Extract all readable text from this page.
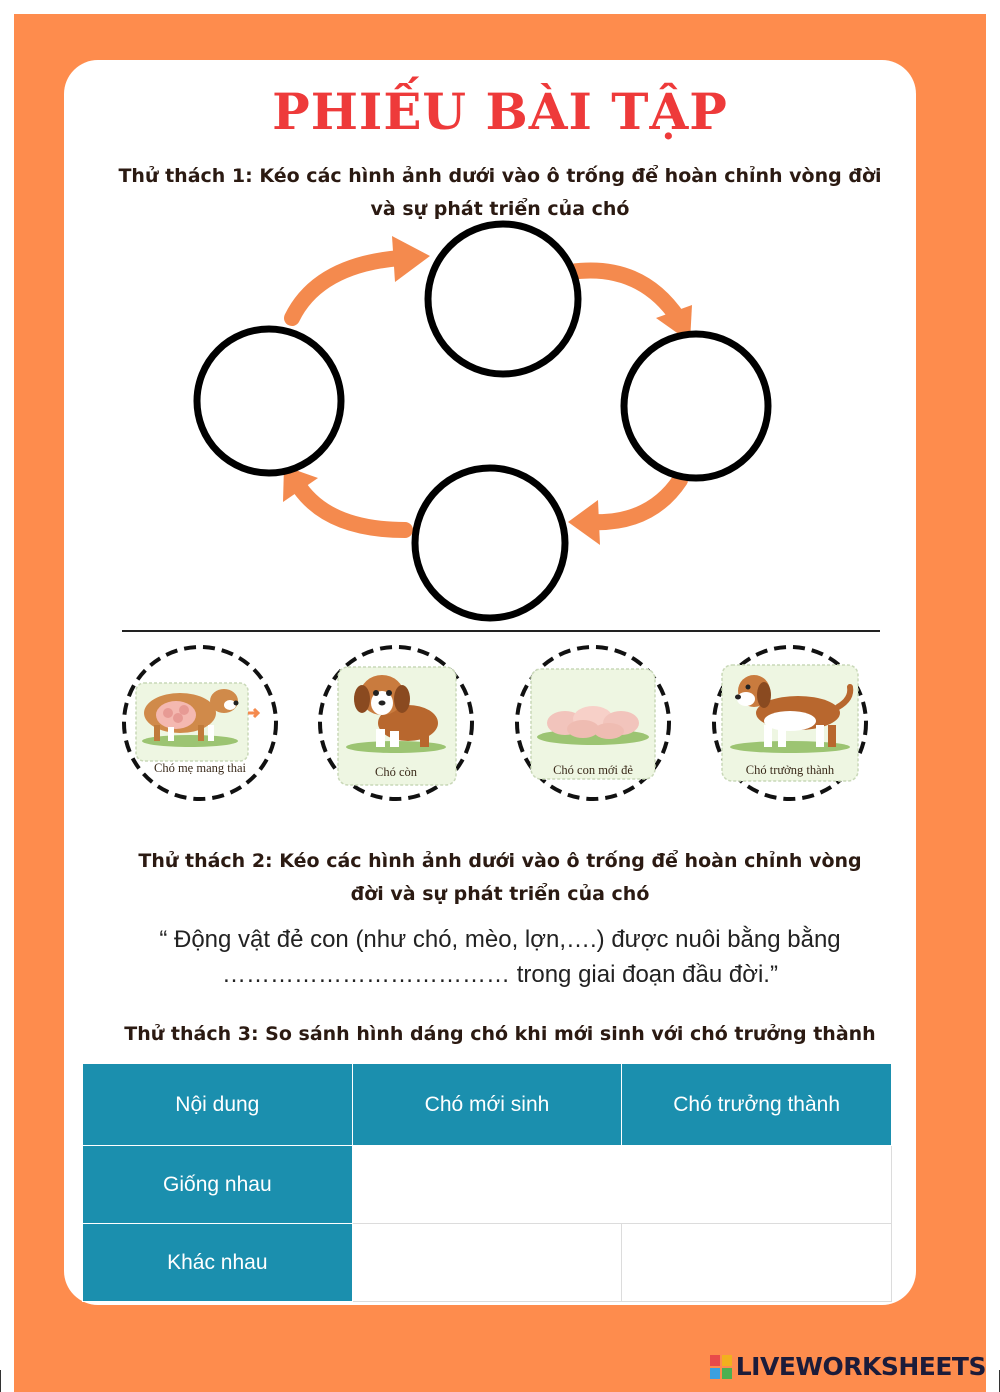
PHIẾU BÀI TẬP
Thử thách 1: Kéo các hình ảnh dưới vào ô trống để hoàn chỉnh vòng đời
và sự phát triển của chó
Chó mẹ mang thai	Chó còn	Chó con mới đẻ	Chó trưởng thành
Thử thách 2: Kéo các hình ảnh dưới vào ô trống để hoàn chỉnh vòng
đời và sự phát triển của chó
“ Động vật đẻ con (như chó, mèo, lợn,….) được nuôi bằng bằng
……………………………… trong giai đoạn đầu đời.”
Thử thách 3: So sánh hình dáng chó khi mới sinh với chó trưởng thành
Nội dung	Chó mới sinh	Chó trưởng thành
Giống nhau		
Khác nhau		
LIVEWORKSHEETS
